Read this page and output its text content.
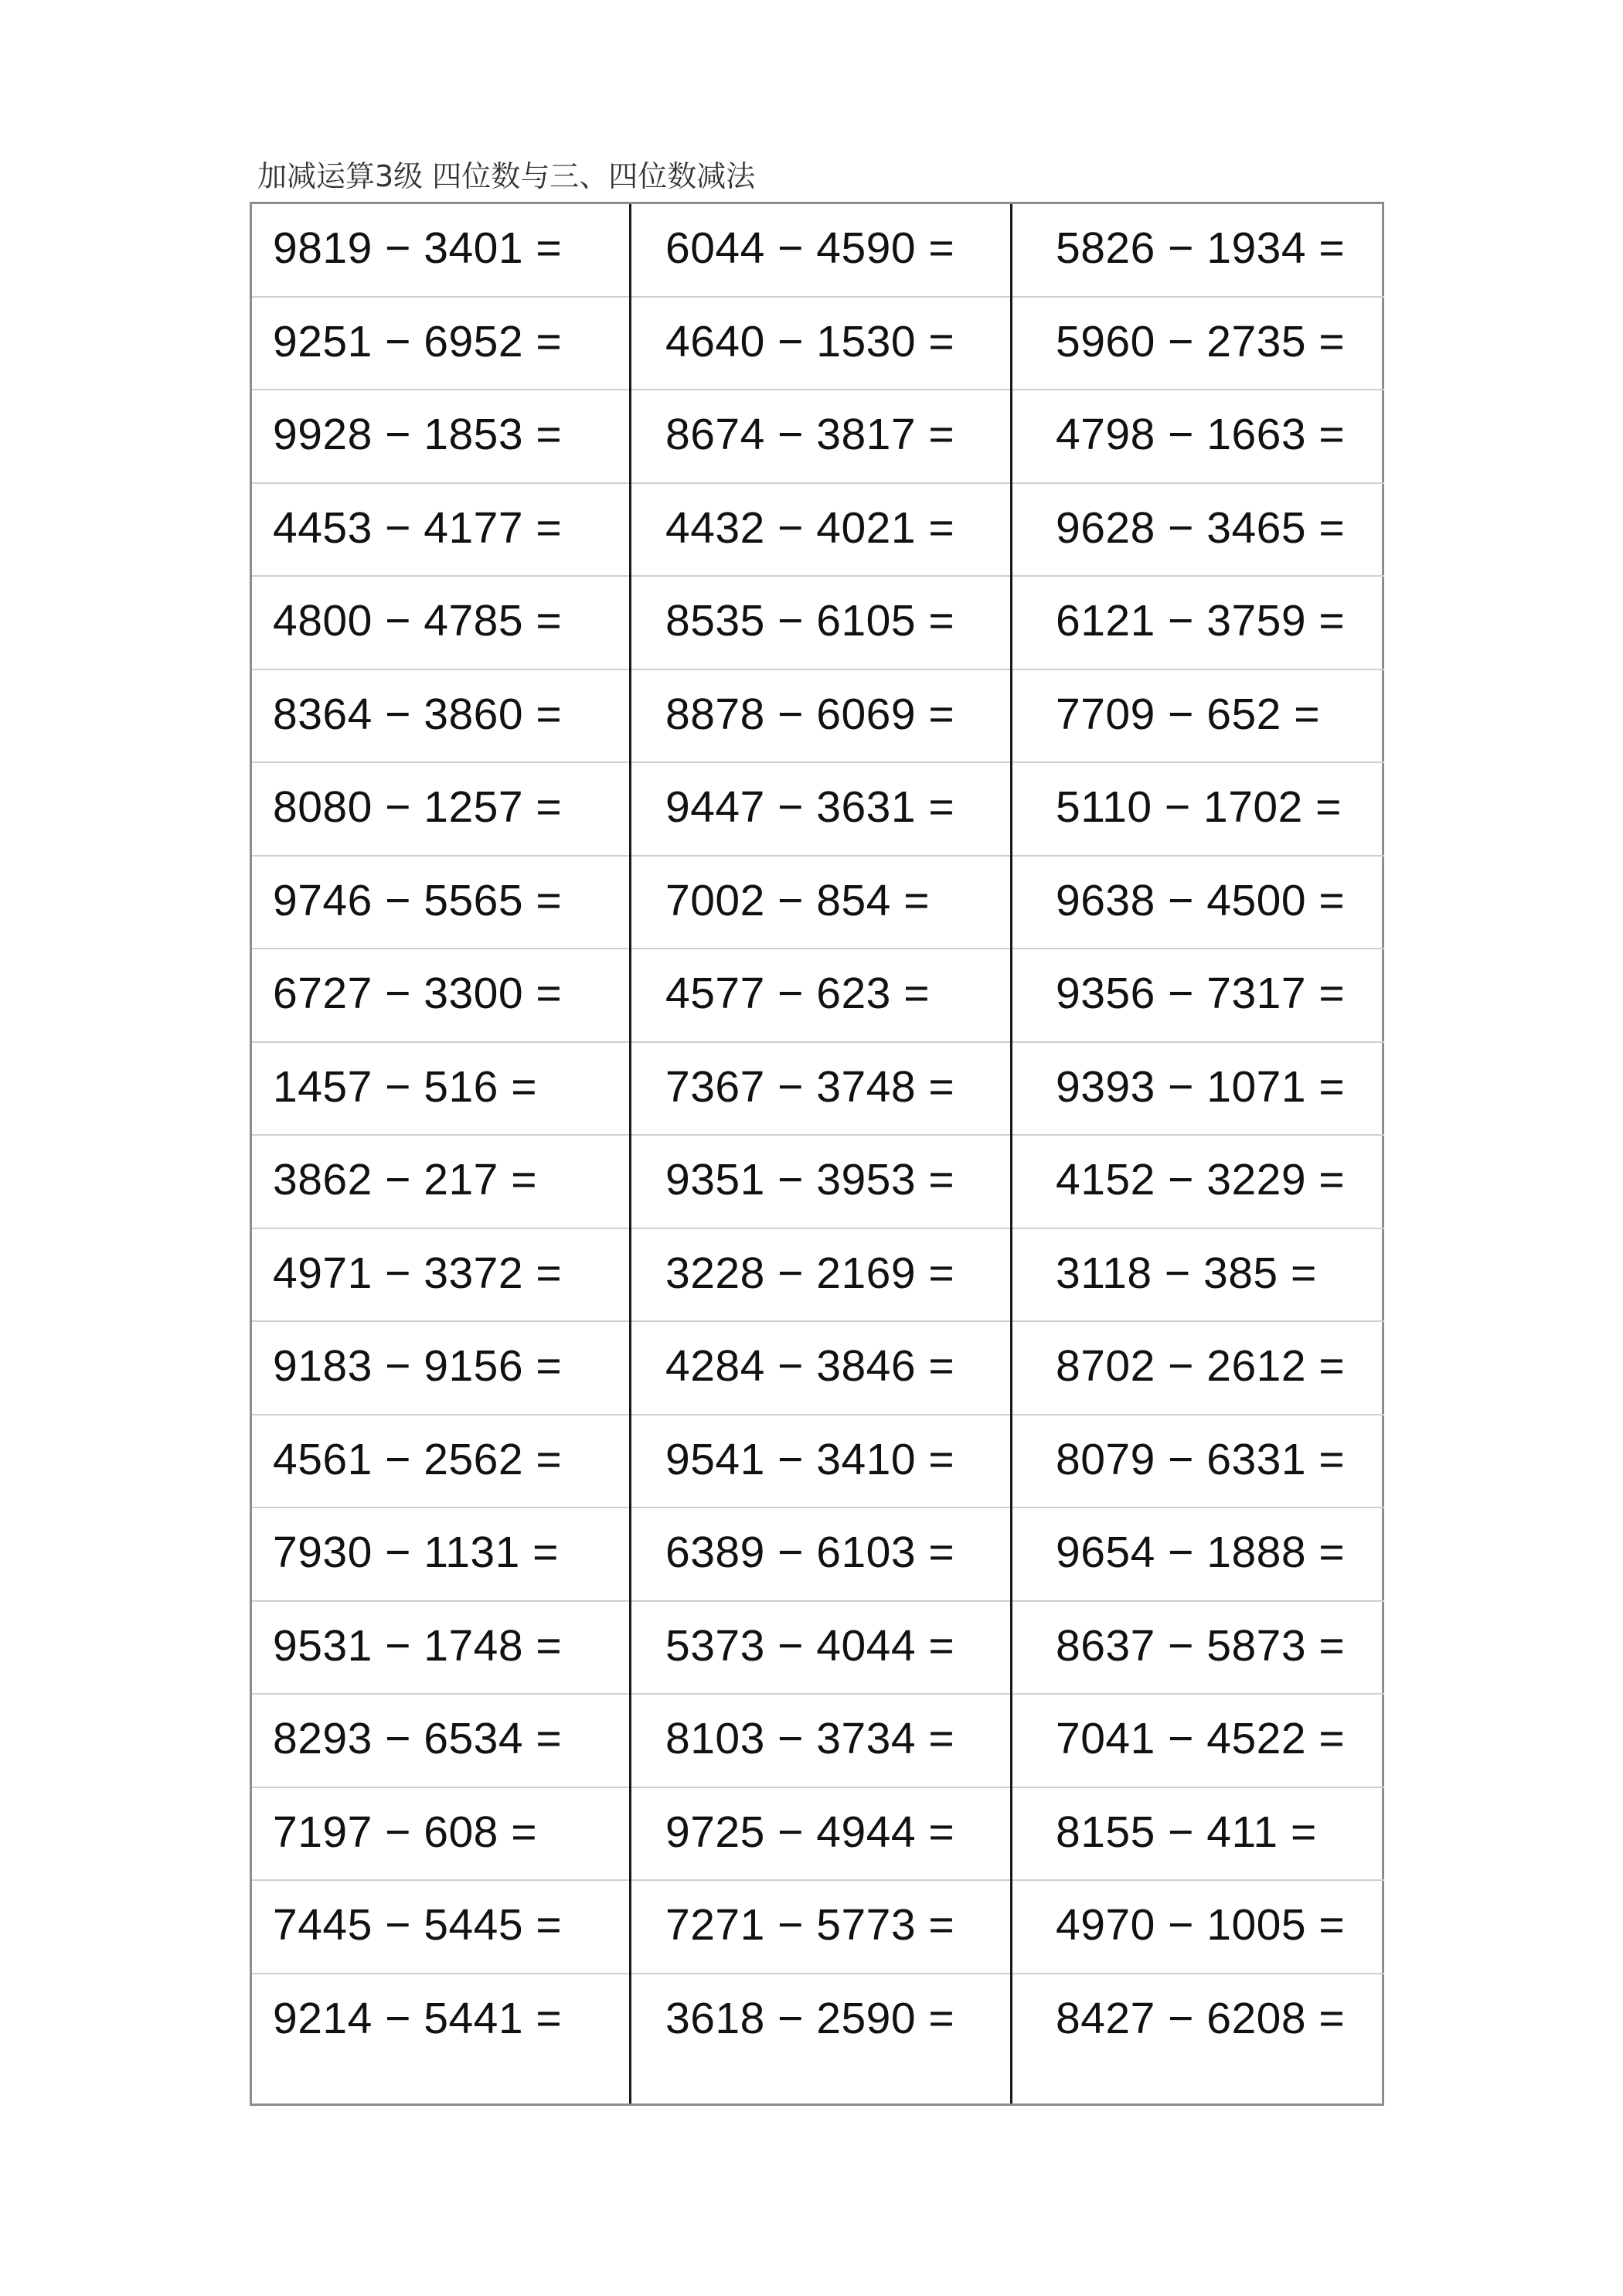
加减运算3级 四位数与三、四位数减法
9819 − 3401 =
9251 − 6952 =
9928 − 1853 =
4453 − 4177 =
4800 − 4785 =
8364 − 3860 =
8080 − 1257 =
9746 − 5565 =
6727 − 3300 =
1457 − 516 =
3862 − 217 =
4971 − 3372 =
9183 − 9156 =
4561 − 2562 =
7930 − 1131 =
9531 − 1748 =
8293 − 6534 =
7197 − 608 =
7445 − 5445 =
9214 − 5441 =
6044 − 4590 =
4640 − 1530 =
8674 − 3817 =
4432 − 4021 =
8535 − 6105 =
8878 − 6069 =
9447 − 3631 =
7002 − 854 =
4577 − 623 =
7367 − 3748 =
9351 − 3953 =
3228 − 2169 =
4284 − 3846 =
9541 − 3410 =
6389 − 6103 =
5373 − 4044 =
8103 − 3734 =
9725 − 4944 =
7271 − 5773 =
3618 − 2590 =
5826 − 1934 =
5960 − 2735 =
4798 − 1663 =
9628 − 3465 =
6121 − 3759 =
7709 − 652 =
5110 − 1702 =
9638 − 4500 =
9356 − 7317 =
9393 − 1071 =
4152 − 3229 =
3118 − 385 =
8702 − 2612 =
8079 − 6331 =
9654 − 1888 =
8637 − 5873 =
7041 − 4522 =
8155 − 411 =
4970 − 1005 =
8427 − 6208 =
